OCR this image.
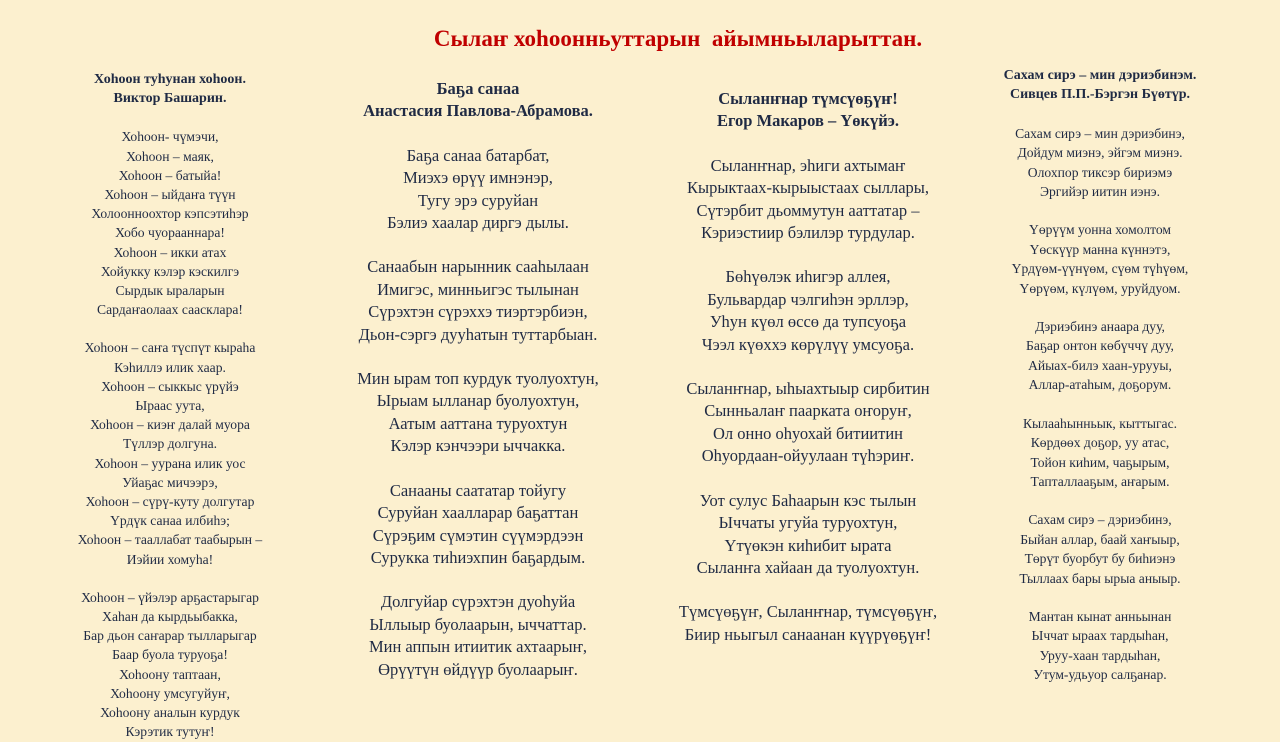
Сылаҥ хоһоонньуттарын  айымньыларыттан.
Хоһоон туһунан хоһоон.
Виктор Башарин.
Хоһоон- чүмэчи,
Хоһоон – маяк,
Хоһоон – батыйа!
Хоһоон – ыйдаҥа түүн
Холоонноохтор кэпсэтиһэр
Хобо чуорааннара!
Хоһоон – икки атах
Хойукку кэлэр кэскилгэ
Сырдык ыраларын
Сардаҥаолаах саасклара!
Хоһоон – саҥа түспүт кыраһа
Кэһиллэ илик хаар.
Хоһоон – сыккыс үрүйэ
Ыраас уута,
Хоһоон – киэҥ далай муора
Түллэр долгуна.
Хоһоон – уурана илик уос
Уйаҕас мичээрэ,
Хоһоон – сүрү-куту долгутар
Үрдүк санаа илбиһэ;
Хоһоон – тааллабат таабырын –
Иэйии хомуһа!
Хоһоон – үйэлэр арҕастарыгар
Хаһан да кырдьыбакка,
Бар дьон саҥарар тылларыгар
Баар буола туруоҕа!
Хоһоону таптаан,
Хоһоону умсугуйуҥ,
Хоһоону аналын курдук
Кэрэтик тутуҥ!
Баҕа санаа
Анастасия Павлова-Абрамова.
Баҕа санаа батарбат,
Миэхэ өрүү имнэнэр,
Тугу эрэ суруйан
Бэлиэ хаалар диргэ дылы.
Санаабын нарынник сааһылаан
Имигэс, минньигэс тылынан
Сүрэхтэн сүрэххэ тиэртэрбиэн,
Дьон-сэргэ дууһатын туттарбыан.
Мин ырам топ курдук туолуохтун,
Ырыам ылланар буолуохтун,
Аатым ааттана туруохтун
Кэлэр кэнчээри ыччакка.
Санааны саататар тойугу
Суруйан хааллараp баҕаттан
Сүрэҕим сүмэтин сүүмэрдээн
Сурукка тиһиэхпин баҕардым.
Долгуйар сүрэхтэн дуоһуйа
Ыллыыр буолаарын, ыччаттар.
Мин аппын итиитик ахтаарыҥ,
Өрүүтүн өйдүүр буолаарыҥ.
Сыланҥнар түмсүөҕүҥ!
Егор Макаров – Үөкүйэ.
Сыланҥнар, эһиги ахтымаҥ
Кырыктаах-кырыыстаах сыллары,
Сүтэрбит дьоммутун ааттатар –
Кэриэстиир бэлилэр турдулар.
Бөһүөлэк иһигэр аллея,
Бульвардар чэлгиһэн эрллэр,
Уһун күөл өссө да тупсуоҕа
Чээл күөххэ көрүлүү умсуоҕа.
Сыланҥнар, ыһыахтыыр сирбитин
Сынньалаҥ паарката оҥоруҥ,
Ол онно оһуохай битиитин
Оһуордаан-ойуулаан түһэриҥ.
Уот сулус Баһаарын кэс тылын
Ыччаты угуйа туруохтун,
Үтүөкэн киһибит ырата
Сыланҥа хайаан да туолуохтун.
Түмсүөҕүҥ, Сыланҥнар, түмсүөҕүҥ,
Биир ньыгыл санаанан күүрүөҕүҥ!
Сахам сирэ – мин дэриэбинэм.
Сивцев П.П.-Бэргэн Бүөтүр.
Сахам сирэ – мин дэриэбинэ,
Дойдум миэнэ, эйгэм миэнэ.
Олохпор тиксэр бириэмэ
Эргийэр иитин иэнэ.
Үөрүүм уонна хомолтом
Үөскүүр манна күннэтэ,
Үрдүөм-үүнүөм, сүөм түһүөм,
Үөрүөм, күлүөм, уруйдуом.
Дэриэбинэ анаара дуу,
Баҕар онтон көбүччү дуу,
Айыах-билэ хаан-урууы,
Аллар-атаһым, доҕорум.
Кылааһынньык, кыттыгас.
Көрдөөх доҕор, уу атас,
Тойон киһим, чаҕырым,
Тапталлааҕым, аҥарым.
Сахам сирэ – дэриэбинэ,
Быйан аллар, баай хаҥыыр,
Төрүт буорбут бу биһиэнэ
Тыллаах бары ырыа аныыр.
Мантан кынат анньынан
Ыччат ыраах тардыһан,
Уруу-хаан тардыһан,
Утум-удьуор салҕанар.
